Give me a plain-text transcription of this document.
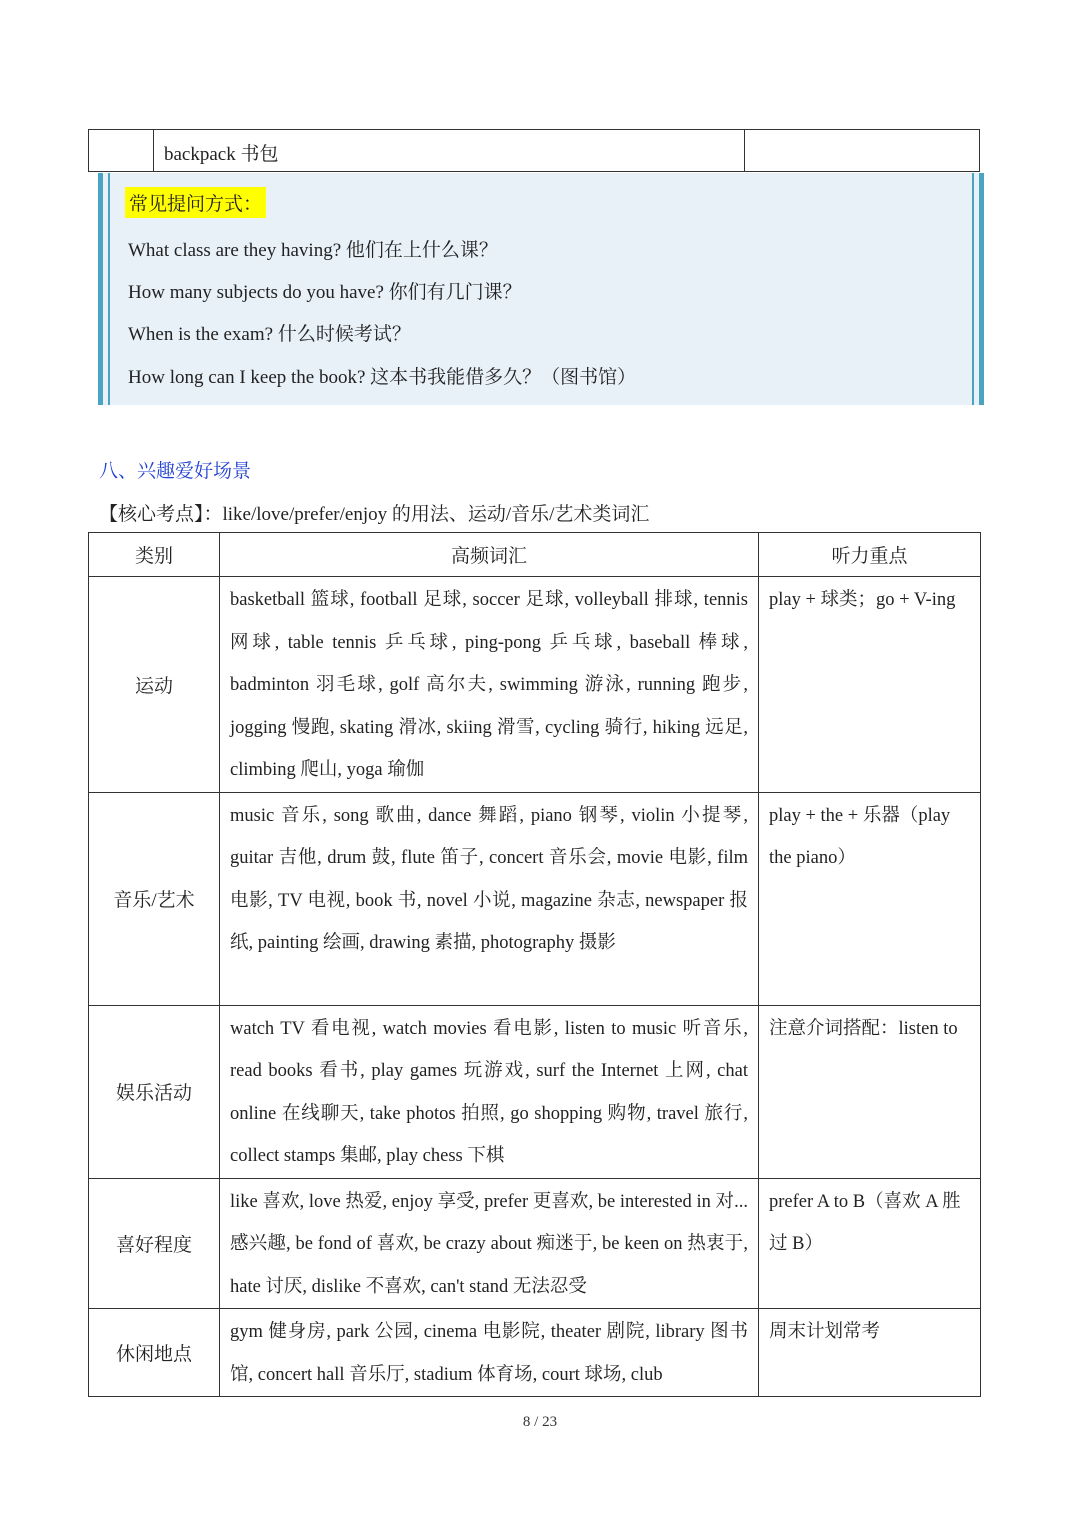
backpack 书包
常见提问方式：
What class are they having? 他们在上什么课？
How many subjects do you have? 你们有几门课？
When is the exam? 什么时候考试？
How long can I keep the book? 这本书我能借多久？（图书馆）
八、兴趣爱好场景
【核心考点】：like/love/prefer/enjoy 的用法、运动/音乐/艺术类词汇
类别	高频词汇	听力重点
运动	basketball 篮球, football 足球, soccer 足球, volleyball 排球, tennis 网球, table tennis 乒乓球, ping-pong 乒乓球, baseball 棒球, badminton 羽毛球, golf 高尔夫, swimming 游泳, running 跑步, jogging 慢跑, skating 滑冰, skiing 滑雪, cycling 骑行, hiking 远足, climbing 爬山, yoga 瑜伽	play + 球类；go + V-ing
音乐/艺术	music 音乐, song 歌曲, dance 舞蹈, piano 钢琴, violin 小提琴, guitar 吉他, drum 鼓, flute 笛子, concert 音乐会, movie 电影, film 电影, TV 电视, book 书, novel 小说, magazine 杂志, newspaper 报纸, painting 绘画, drawing 素描, photography 摄影	play + the + 乐器（play the piano）
娱乐活动	watch TV 看电视, watch movies 看电影, listen to music 听音乐, read books 看书, play games 玩游戏, surf the Internet 上网, chat online 在线聊天, take photos 拍照, go shopping 购物, travel 旅行, collect stamps 集邮, play chess 下棋	注意介词搭配：listen to
喜好程度	like 喜欢, love 热爱, enjoy 享受, prefer 更喜欢, be interested in 对...感兴趣, be fond of 喜欢, be crazy about 痴迷于, be keen on 热衷于, hate 讨厌, dislike 不喜欢, can't stand 无法忍受	prefer A to B（喜欢 A 胜过 B）
休闲地点	gym 健身房, park 公园, cinema 电影院, theater 剧院, library 图书馆, concert hall 音乐厅, stadium 体育场, court 球场, club	周末计划常考
8 / 23
